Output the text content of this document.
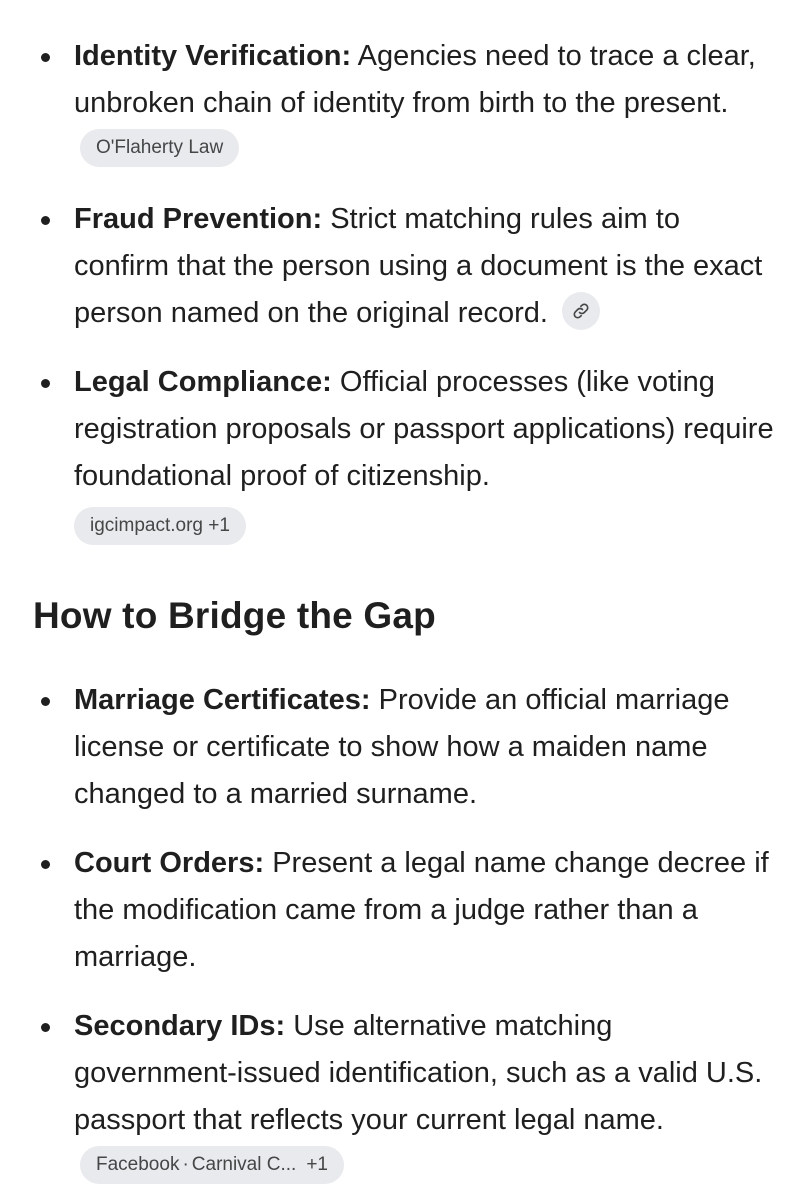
Identity Verification: Agencies need to trace a clear, unbroken chain of identity from birth to the present. O'Flaherty Law
Fraud Prevention: Strict matching rules aim to confirm that the person using a document is the exact person named on the original record.
Legal Compliance: Official processes (like voting registration proposals or passport applications) require foundational proof of citizenship.
igcimpact.org +1
How to Bridge the Gap
Marriage Certificates: Provide an official marriage license or certificate to show how a maiden name changed to a married surname.
Court Orders: Present a legal name change decree if the modification came from a judge rather than a marriage.
Secondary IDs: Use alternative matching government-issued identification, such as a valid U.S. passport that reflects your current legal name. Facebook · Carnival C... +1
